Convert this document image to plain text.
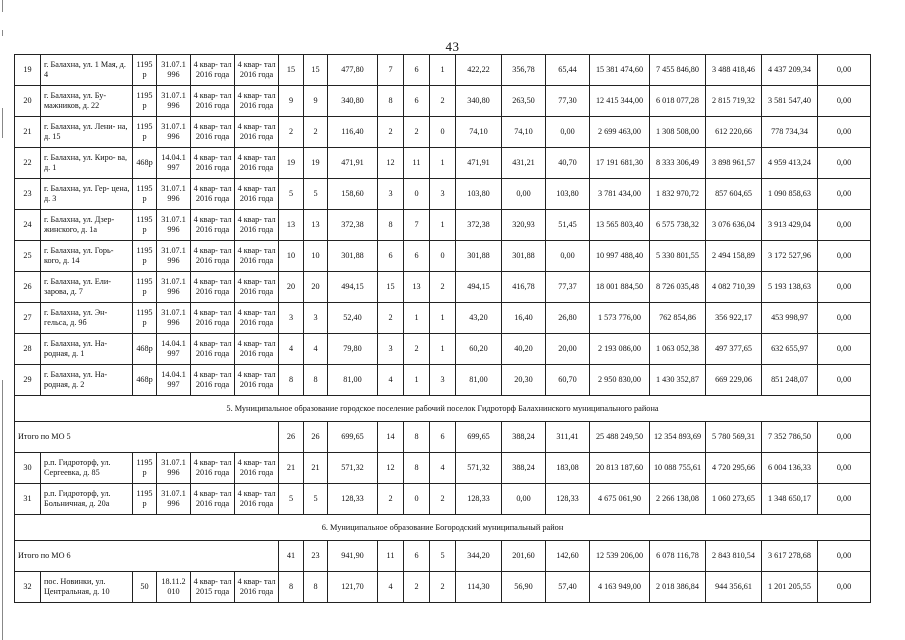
43
19	г. Балахна, ул. 1 Мая, д. 4	1195 р	31.07.1 996	4 квар- тал 2016 года	4 квар- тал 2016 года	15	15	477,80	7	6	1	422,22	356,78	65,44	15 381 474,60	7 455 846,80	3 488 418,46	4 437 209,34	0,00
20	г. Балахна, ул. Бу- мажников, д. 22	1195 р	31.07.1 996	4 квар- тал 2016 года	4 квар- тал 2016 года	9	9	340,80	8	6	2	340,80	263,50	77,30	12 415 344,00	6 018 077,28	2 815 719,32	3 581 547,40	0,00
21	г. Балахна, ул. Лени- на, д. 15	1195 р	31.07.1 996	4 квар- тал 2016 года	4 квар- тал 2016 года	2	2	116,40	2	2	0	74,10	74,10	0,00	2 699 463,00	1 308 508,00	612 220,66	778 734,34	0,00
22	г. Балахна, ул. Киро- ва, д. 1	468р	14.04.1 997	4 квар- тал 2016 года	4 квар- тал 2016 года	19	19	471,91	12	11	1	471,91	431,21	40,70	17 191 681,30	8 333 306,49	3 898 961,57	4 959 413,24	0,00
23	г. Балахна, ул. Гер- цена, д. 3	1195 р	31.07.1 996	4 квар- тал 2016 года	4 квар- тал 2016 года	5	5	158,60	3	0	3	103,80	0,00	103,80	3 781 434,00	1 832 970,72	857 604,65	1 090 858,63	0,00
24	г. Балахна, ул. Дзер- жинского, д. 1а	1195 р	31.07.1 996	4 квар- тал 2016 года	4 квар- тал 2016 года	13	13	372,38	8	7	1	372,38	320,93	51,45	13 565 803,40	6 575 738,32	3 076 636,04	3 913 429,04	0,00
25	г. Балахна, ул. Горь- кого, д. 14	1195 р	31.07.1 996	4 квар- тал 2016 года	4 квар- тал 2016 года	10	10	301,88	6	6	0	301,88	301,88	0,00	10 997 488,40	5 330 801,55	2 494 158,89	3 172 527,96	0,00
26	г. Балахна, ул. Ели- зарова, д. 7	1195 р	31.07.1 996	4 квар- тал 2016 года	4 квар- тал 2016 года	20	20	494,15	15	13	2	494,15	416,78	77,37	18 001 884,50	8 726 035,48	4 082 710,39	5 193 138,63	0,00
27	г. Балахна, ул. Эн- гельса, д. 9б	1195 р	31.07.1 996	4 квар- тал 2016 года	4 квар- тал 2016 года	3	3	52,40	2	1	1	43,20	16,40	26,80	1 573 776,00	762 854,86	356 922,17	453 998,97	0,00
28	г. Балахна, ул. На- родная, д. 1	468р	14.04.1 997	4 квар- тал 2016 года	4 квар- тал 2016 года	4	4	79,80	3	2	1	60,20	40,20	20,00	2 193 086,00	1 063 052,38	497 377,65	632 655,97	0,00
29	г. Балахна, ул. На- родная, д. 2	468р	14.04.1 997	4 квар- тал 2016 года	4 квар- тал 2016 года	8	8	81,00	4	1	3	81,00	20,30	60,70	2 950 830,00	1 430 352,87	669 229,06	851 248,07	0,00
5. Муниципальное образование городское поселение рабочий поселок Гидроторф Балахнинского муниципального района																			
Итого по МО 5						26	26	699,65	14	8	6	699,65	388,24	311,41	25 488 249,50	12 354 893,69	5 780 569,31	7 352 786,50	0,00
30	р.п. Гидроторф, ул. Сергеевка, д. 85	1195 р	31.07.1 996	4 квар- тал 2016 года	4 квар- тал 2016 года	21	21	571,32	12	8	4	571,32	388,24	183,08	20 813 187,60	10 088 755,61	4 720 295,66	6 004 136,33	0,00
31	р.п. Гидроторф, ул. Больничная, д. 20а	1195 р	31.07.1 996	4 квар- тал 2016 года	4 квар- тал 2016 года	5	5	128,33	2	0	2	128,33	0,00	128,33	4 675 061,90	2 266 138,08	1 060 273,65	1 348 650,17	0,00
6. Муниципальное образование Богородский муниципальный район																			
Итого по МО 6						41	23	941,90	11	6	5	344,20	201,60	142,60	12 539 206,00	6 078 116,78	2 843 810,54	3 617 278,68	0,00
32	пос. Новинки, ул. Центральная, д. 10	50	18.11.2 010	4 квар- тал 2015 года	4 квар- тал 2016 года	8	8	121,70	4	2	2	114,30	56,90	57,40	4 163 949,00	2 018 386,84	944 356,61	1 201 205,55	0,00
